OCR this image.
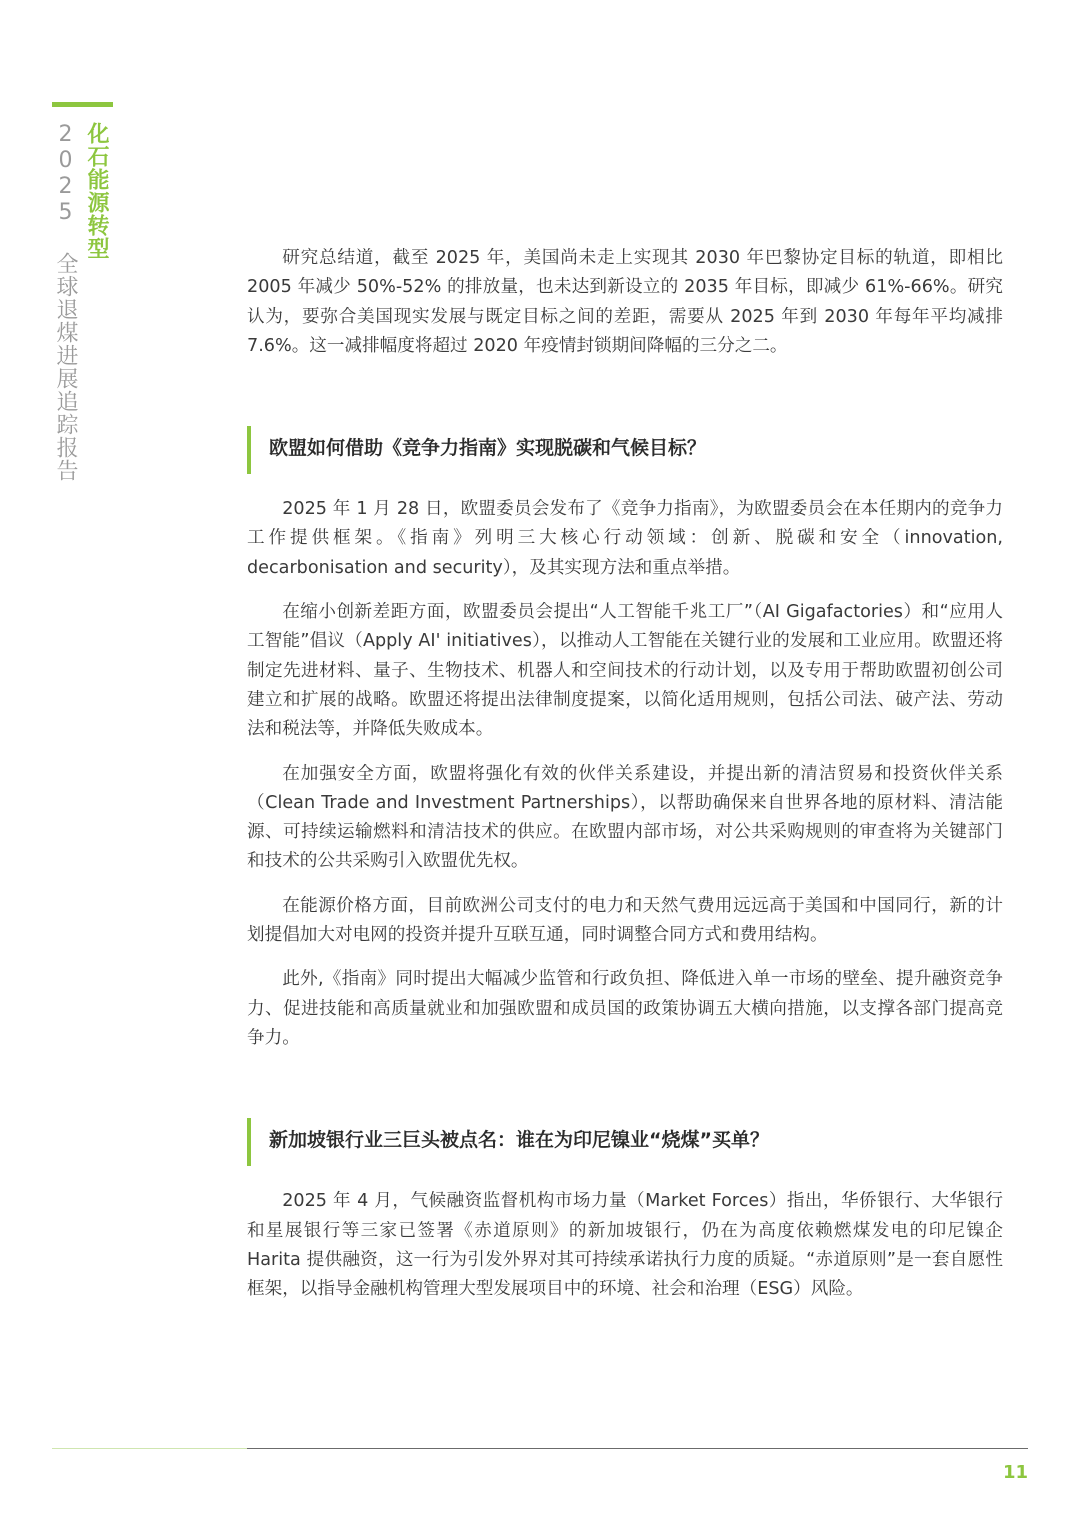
化石能源转型
2025 全球退煤进展追踪报告	研究总结道，截至 2025 年，美国尚未走上实现其 2030 年巴黎协定目标的轨道，即相比 2005 年减少 50%-52% 的排放量，也未达到新设立的 2035 年目标，即减少 61%-66%。研究认为，要弥合美国现实发展与既定目标之间的差距，需要从 2025 年到 2030 年每年平均减排 7.6%。这一减排幅度将超过 2020 年疫情封锁期间降幅的三分之二。

欧盟如何借助《竞争力指南》实现脱碳和气候目标？

2025 年 1 月 28 日，欧盟委员会发布了《竞争力指南》，为欧盟委员会在本任期内的竞争力工作提供框架。《指南》列明三大核心行动领域：创新、脱碳和安全（innovation, decarbonisation and security），及其实现方法和重点举措。

在缩小创新差距方面，欧盟委员会提出“人工智能千兆工厂”（AI Gigafactories）和“应用人工智能”倡议（Apply AI' initiatives），以推动人工智能在关键行业的发展和工业应用。欧盟还将制定先进材料、量子、生物技术、机器人和空间技术的行动计划，以及专用于帮助欧盟初创公司建立和扩展的战略。欧盟还将提出法律制度提案，以简化适用规则，包括公司法、破产法、劳动法和税法等，并降低失败成本。

在加强安全方面，欧盟将强化有效的伙伴关系建设，并提出新的清洁贸易和投资伙伴关系（Clean Trade and Investment Partnerships），以帮助确保来自世界各地的原材料、清洁能源、可持续运输燃料和清洁技术的供应。在欧盟内部市场，对公共采购规则的审查将为关键部门和技术的公共采购引入欧盟优先权。

在能源价格方面，目前欧洲公司支付的电力和天然气费用远远高于美国和中国同行，新的计划提倡加大对电网的投资并提升互联互通，同时调整合同方式和费用结构。

此外,《指南》同时提出大幅减少监管和行政负担、降低进入单一市场的壁垒、提升融资竞争力、促进技能和高质量就业和加强欧盟和成员国的政策协调五大横向措施，以支撑各部门提高竞争力。

新加坡银行业三巨头被点名：谁在为印尼镍业“烧煤”买单？

2025 年 4 月，气候融资监督机构市场力量（Market Forces）指出，华侨银行、大华银行和星展银行等三家已签署《赤道原则》的新加坡银行，仍在为高度依赖燃煤发电的印尼镍企 Harita 提供融资，这一行为引发外界对其可持续承诺执行力度的质疑。“赤道原则”是一套自愿性框架，以指导金融机构管理大型发展项目中的环境、社会和治理（ESG）风险。

11
